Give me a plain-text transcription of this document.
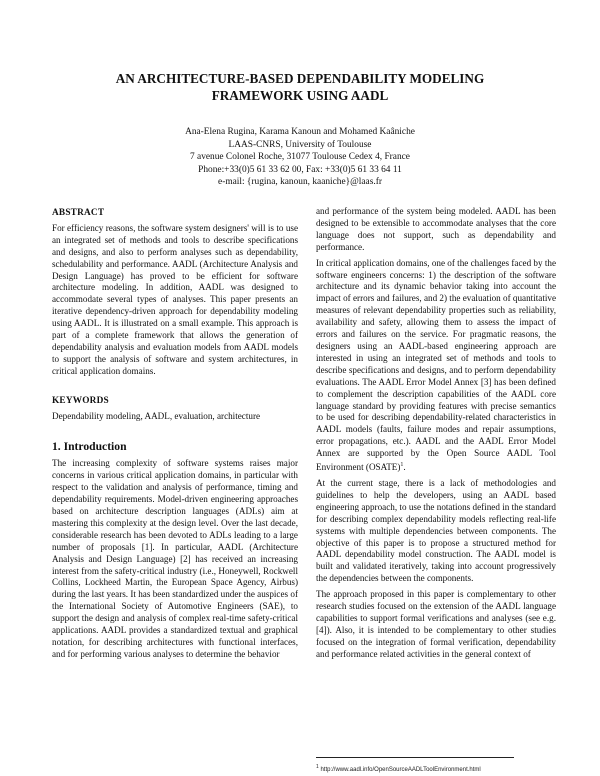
AN ARCHITECTURE-BASED DEPENDABILITY MODELING
FRAMEWORK USING AADL
Ana-Elena Rugina, Karama Kanoun and Mohamed Kaâniche
LAAS-CNRS, University of Toulouse
7 avenue Colonel Roche, 31077 Toulouse Cedex 4, France
Phone:+33(0)5 61 33 62 00, Fax: +33(0)5 61 33 64 11
e-mail: {rugina, kanoun, kaaniche}@laas.fr
ABSTRACT

For efficiency reasons, the software system designers' will is to use an integrated set of methods and tools to describe specifications and designs, and also to perform analyses such as dependability, schedulability and performance. AADL (Architecture Analysis and Design Language) has proved to be efficient for software architecture modeling. In addition, AADL was designed to accommodate several types of analyses. This paper presents an iterative dependency-driven approach for dependability modeling using AADL. It is illustrated on a small example. This approach is part of a complete framework that allows the generation of dependability analysis and evaluation models from AADL models to support the analysis of software and system architectures, in critical application domains.

KEYWORDS

Dependability modeling, AADL, evaluation, architecture

1. Introduction

The increasing complexity of software systems raises major concerns in various critical application domains, in particular with respect to the validation and analysis of performance, timing and dependability requirements. Model-driven engineering approaches based on architecture description languages (ADLs) aim at mastering this complexity at the design level. Over the last decade, considerable research has been devoted to ADLs leading to a large number of proposals [1]. In particular, AADL (Architecture Analysis and Design Language) [2] has received an increasing interest from the safety-critical industry (i.e., Honeywell, Rockwell Collins, Lockheed Martin, the European Space Agency, Airbus) during the last years. It has been standardized under the auspices of the International Society of Automotive Engineers (SAE), to support the design and analysis of complex real-time safety-critical applications. AADL provides a standardized textual and graphical notation, for describing architectures with functional interfaces, and for performing various analyses to determine the behavior

and performance of the system being modeled. AADL has been designed to be extensible to accommodate analyses that the core language does not support, such as dependability and performance.

In critical application domains, one of the challenges faced by the software engineers concerns: 1) the description of the software architecture and its dynamic behavior taking into account the impact of errors and failures, and 2) the evaluation of quantitative measures of relevant dependability properties such as reliability, availability and safety, allowing them to assess the impact of errors and failures on the service. For pragmatic reasons, the designers using an AADL-based engineering approach are interested in using an integrated set of methods and tools to describe specifications and designs, and to perform dependability evaluations. The AADL Error Model Annex [3] has been defined to complement the description capabilities of the AADL core language standard by providing features with precise semantics to be used for describing dependability-related characteristics in AADL models (faults, failure modes and repair assumptions, error propagations, etc.). AADL and the AADL Error Model Annex are supported by the Open Source AADL Tool Environment (OSATE)$^1$.

At the current stage, there is a lack of methodologies and guidelines to help the developers, using an AADL based engineering approach, to use the notations defined in the standard for describing complex dependability models reflecting real-life systems with multiple dependencies between components. The objective of this paper is to propose a structured method for AADL dependability model construction. The AADL model is built and validated iteratively, taking into account progressively the dependencies between the components.

The approach proposed in this paper is complementary to other research studies focused on the extension of the AADL language capabilities to support formal verifications and analyses (see e.g. [4]). Also, it is intended to be complementary to other studies focused on the integration of formal verification, dependability and performance related activities in the general context of

$^1$ http://www.aadl.info/OpenSourceAADLToolEnvironment.html
